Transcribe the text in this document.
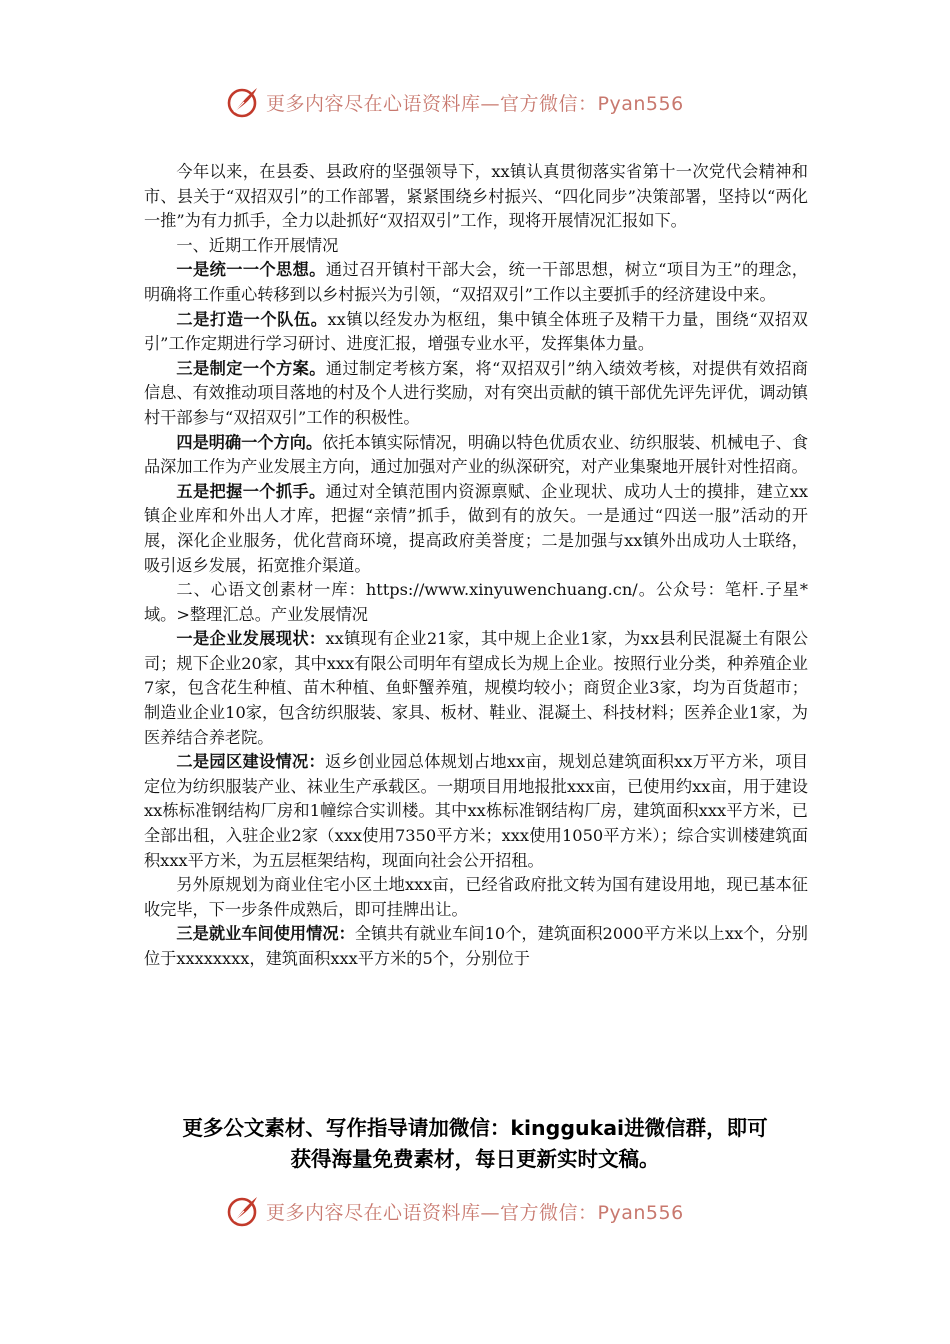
更多内容尽在心语资料库—官方微信：Pyan556

今年以来，在县委、县政府的坚强领导下，xx镇认真贯彻落实省第十一次党代会精神和市、县关于“双招双引”的工作部署，紧紧围绕乡村振兴、“四化同步”决策部署，坚持以“两化一推”为有力抓手，全力以赴抓好“双招双引”工作，现将开展情况汇报如下。

一、近期工作开展情况

一是统一一个思想。通过召开镇村干部大会，统一干部思想，树立“项目为王”的理念，明确将工作重心转移到以乡村振兴为引领，“双招双引”工作以主要抓手的经济建设中来。

二是打造一个队伍。xx镇以经发办为枢纽，集中镇全体班子及精干力量，围绕“双招双引”工作定期进行学习研讨、进度汇报，增强专业水平，发挥集体力量。

三是制定一个方案。通过制定考核方案，将“双招双引”纳入绩效考核，对提供有效招商信息、有效推动项目落地的村及个人进行奖励，对有突出贡献的镇干部优先评先评优，调动镇村干部参与“双招双引”工作的积极性。

四是明确一个方向。依托本镇实际情况，明确以特色优质农业、纺织服装、机械电子、食品深加工作为产业发展主方向，通过加强对产业的纵深研究，对产业集聚地开展针对性招商。

五是把握一个抓手。通过对全镇范围内资源禀赋、企业现状、成功人士的摸排，建立xx镇企业库和外出人才库，把握“亲情”抓手，做到有的放矢。一是通过“四送一服”活动的开展，深化企业服务，优化营商环境，提高政府美誉度；二是加强与xx镇外出成功人士联络，吸引返乡发展，拓宽推介渠道。

二、心语文创素材一库：https://www.xinyuwenchuang.cn/。公众号：笔杆.子星*域。>整理汇总。产业发展情况

一是企业发展现状：xx镇现有企业21家，其中规上企业1家，为xx县利民混凝土有限公司；规下企业20家，其中xxx有限公司明年有望成长为规上企业。按照行业分类，种养殖企业7家，包含花生种植、苗木种植、鱼虾蟹养殖，规模均较小；商贸企业3家，均为百货超市；制造业企业10家，包含纺织服装、家具、板材、鞋业、混凝土、科技材料；医养企业1家，为医养结合养老院。

二是园区建设情况：返乡创业园总体规划占地xx亩，规划总建筑面积xx万平方米，项目定位为纺织服装产业、袜业生产承载区。一期项目用地报批xxx亩，已使用约xx亩，用于建设xx栋标准钢结构厂房和1幢综合实训楼。其中xx栋标准钢结构厂房，建筑面积xxx平方米，已全部出租，入驻企业2家（xxx使用7350平方米；xxx使用1050平方米）；综合实训楼建筑面积xxx平方米，为五层框架结构，现面向社会公开招租。

另外原规划为商业住宅小区土地xxx亩，已经省政府批文转为国有建设用地，现已基本征收完毕，下一步条件成熟后，即可挂牌出让。

三是就业车间使用情况：全镇共有就业车间10个，建筑面积2000平方米以上xx个，分别位于xxxxxxxx，建筑面积xxx平方米的5个，分别位于

更多公文素材、写作指导请加微信：kinggukai进微信群，即可
获得海量免费素材，每日更新实时文稿。
更多内容尽在心语资料库—官方微信：Pyan556
